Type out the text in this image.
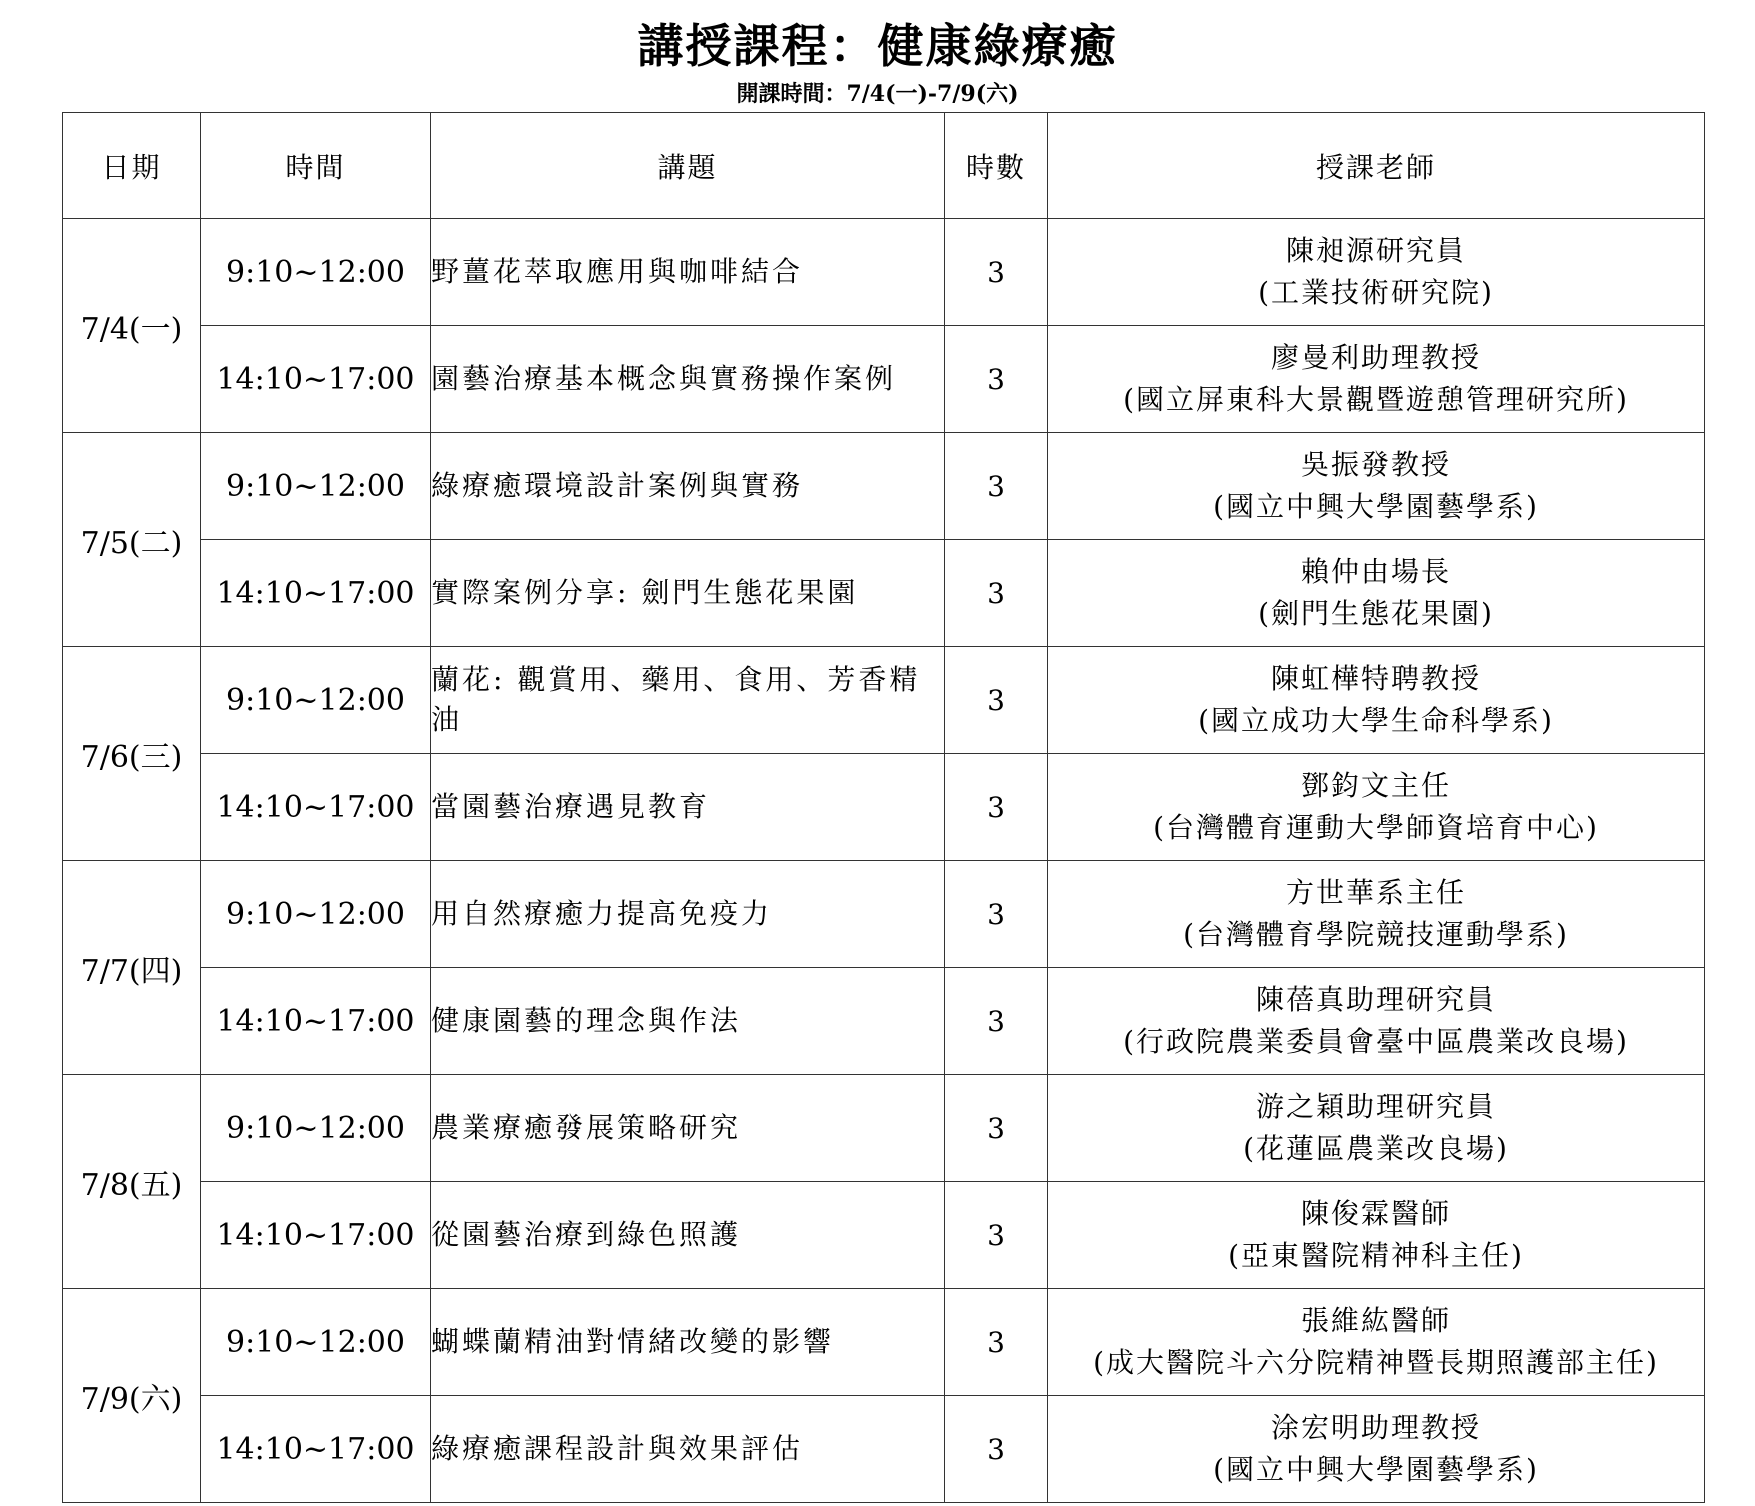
講授課程：健康綠療癒
開課時間：7/4(一)-7/9(六)
日期	時間	講題	時數	授課老師
7/4(一)	9:10~12:00	野薑花萃取應用與咖啡結合	3	陳昶源研究員
(工業技術研究院)

	14:10~17:00	園藝治療基本概念與實務操作案例	3	廖曼利助理教授
(國立屏東科大景觀暨遊憩管理研究所)

7/5(二)	9:10~12:00	綠療癒環境設計案例與實務	3	吳振發教授
(國立中興大學園藝學系)

	14:10~17:00	實際案例分享: 劍門生態花果園	3	賴仲由場長
(劍門生態花果園)

7/6(三)	9:10~12:00	蘭花: 觀賞用、藥用、食用、芳香精油	3	陳虹樺特聘教授
(國立成功大學生命科學系)

	14:10~17:00	當園藝治療遇見教育	3	鄧鈞文主任
(台灣體育運動大學師資培育中心)

7/7(四)	9:10~12:00	用自然療癒力提高免疫力	3	方世華系主任
(台灣體育學院競技運動學系)

	14:10~17:00	健康園藝的理念與作法	3	陳蓓真助理研究員
(行政院農業委員會臺中區農業改良場)

7/8(五)	9:10~12:00	農業療癒發展策略研究	3	游之穎助理研究員
(花蓮區農業改良場)

	14:10~17:00	從園藝治療到綠色照護	3	陳俊霖醫師
(亞東醫院精神科主任)

7/9(六)	9:10~12:00	蝴蝶蘭精油對情緒改變的影響	3	張維紘醫師
(成大醫院斗六分院精神暨長期照護部主任)

	14:10~17:00	綠療癒課程設計與效果評估	3	涂宏明助理教授
(國立中興大學園藝學系)
